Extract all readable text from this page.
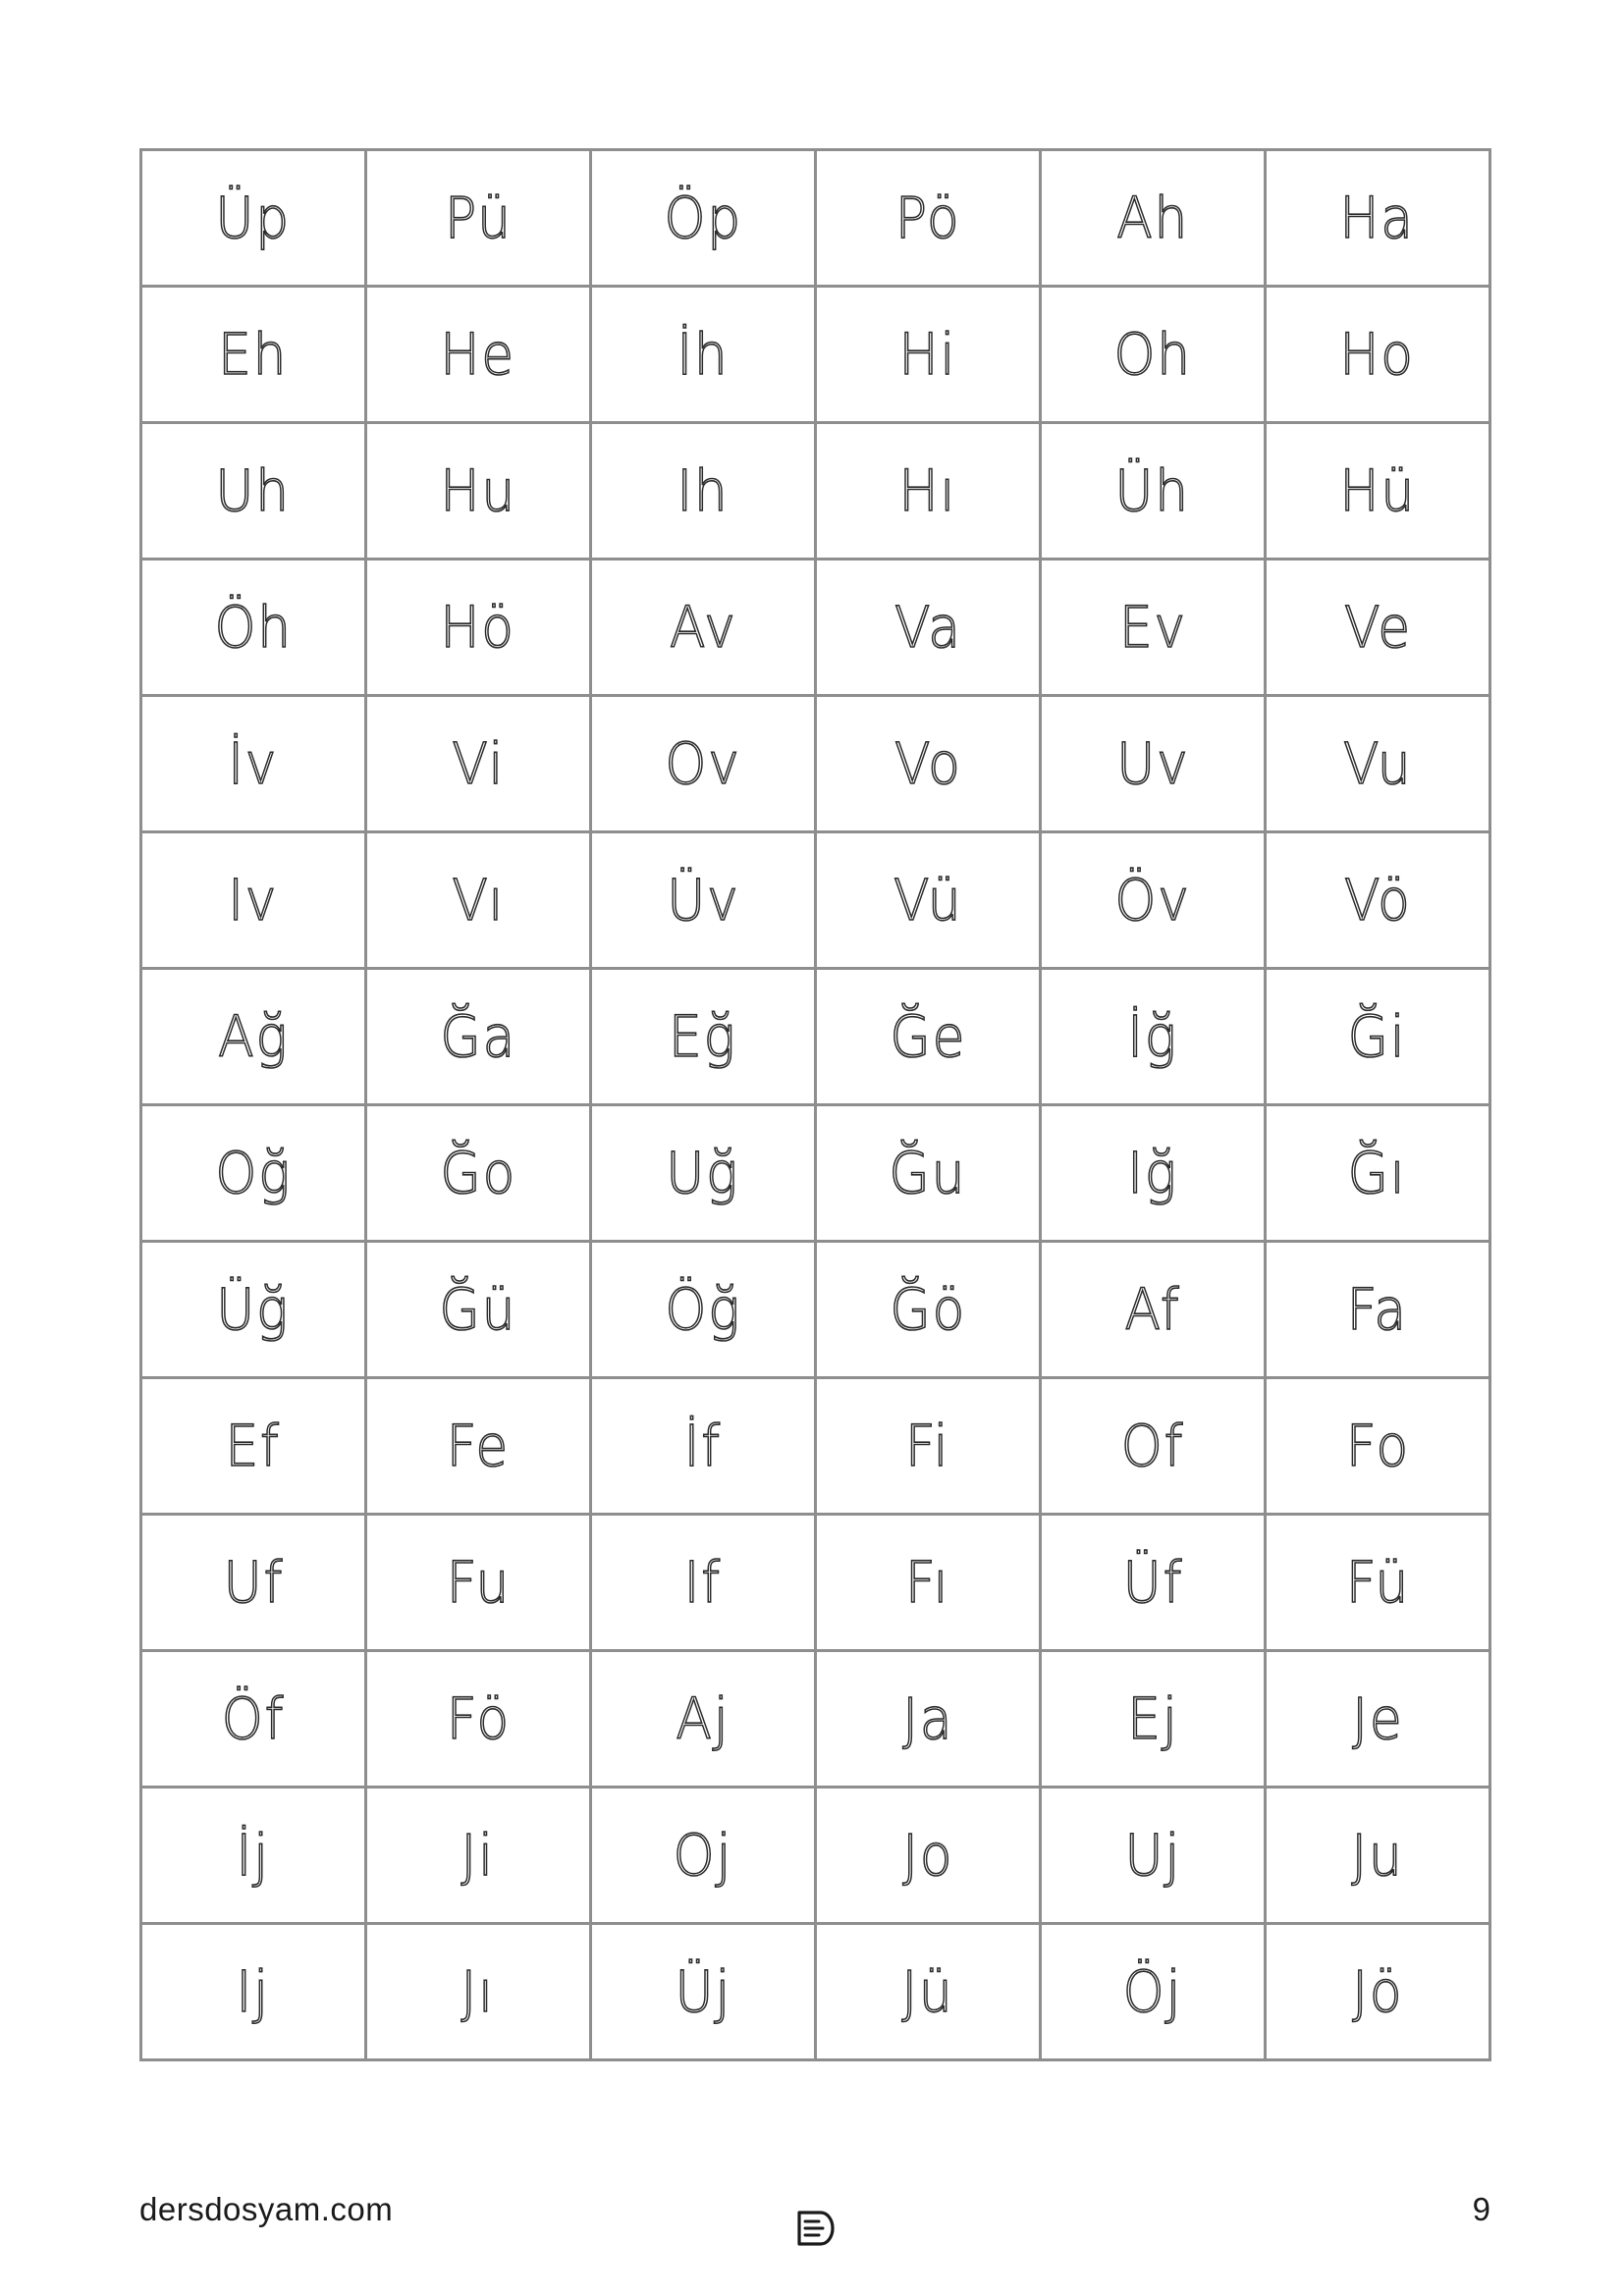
Üp	Pü	Öp	Pö	Ah	Ha
Eh	He	İh	Hi	Oh	Ho
Uh	Hu	Ih	Hı	Üh	Hü
Öh	Hö	Av	Va	Ev	Ve
İv	Vi	Ov	Vo	Uv	Vu
Iv	Vı	Üv	Vü	Öv	Vö
Ağ	Ğa	Eğ	Ğe	İğ	Ği
Oğ	Ğo	Uğ	Ğu	Iğ	Ğı
Üğ	Ğü	Öğ	Ğö	Af	Fa
Ef	Fe	İf	Fi	Of	Fo
Uf	Fu	If	Fı	Üf	Fü
Öf	Fö	Aj	Ja	Ej	Je
İj	Ji	Oj	Jo	Uj	Ju
Ij	Jı	Üj	Jü	Öj	Jö
dersdosyam.com	9
